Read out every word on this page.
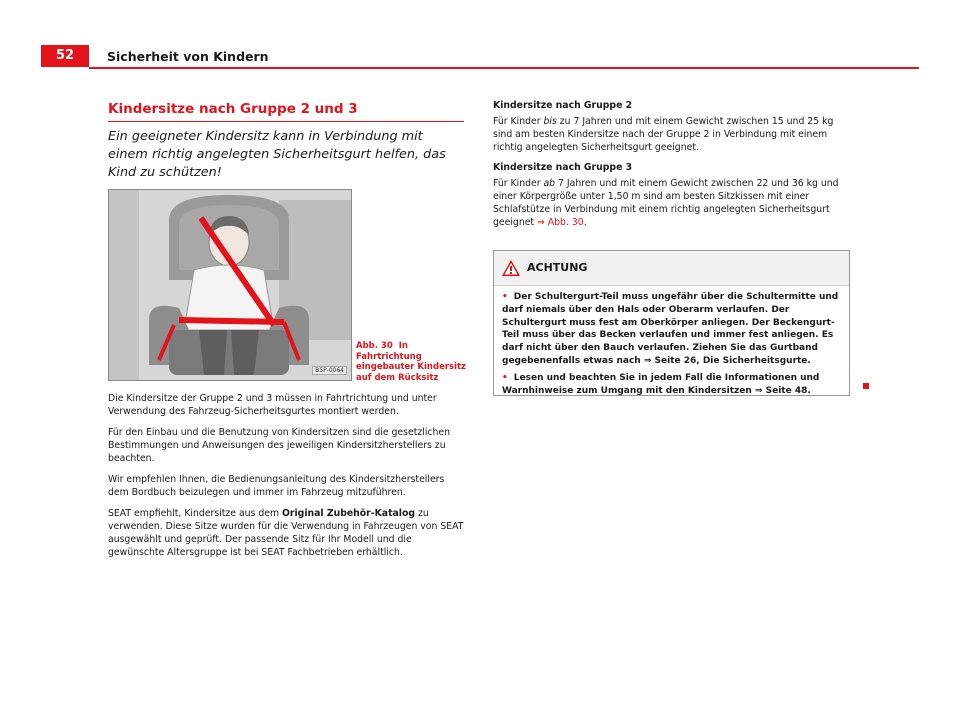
52	Sicherheit von Kindern
Kindersitze nach Gruppe 2 und 3

Ein geeigneter Kindersitz kann in Verbindung mit einem richtig angelegten Sicherheitsgurt helfen, das Kind zu schützen!

B5P-0064
Abb. 30 In Fahrtrichtung eingebauter Kindersitz auf dem Rücksitz

Die Kindersitze der Gruppe 2 und 3 müssen in Fahrtrichtung und unter Verwendung des Fahrzeug-Sicherheitsgurtes montiert werden.

Für den Einbau und die Benutzung von Kindersitzen sind die gesetzlichen Bestimmungen und Anweisungen des jeweiligen Kindersitzherstellers zu beachten.

Wir empfehlen Ihnen, die Bedienungsanleitung des Kindersitzherstellers dem Bordbuch beizulegen und immer im Fahrzeug mitzuführen.

SEAT empfiehlt, Kindersitze aus dem Original Zubehör-Katalog zu verwenden. Diese Sitze wurden für die Verwendung in Fahrzeugen von SEAT ausgewählt und geprüft. Der passende Sitz für Ihr Modell und die gewünschte Altersgruppe ist bei SEAT Fachbetrieben erhältlich.

Kindersitze nach Gruppe 2

Für Kinder bis zu 7 Jahren und mit einem Gewicht zwischen 15 und 25 kg sind am besten Kindersitze nach der Gruppe 2 in Verbindung mit einem richtig angelegten Sicherheitsgurt geeignet.

Kindersitze nach Gruppe 3

Für Kinder ab 7 Jahren und mit einem Gewicht zwischen 22 und 36 kg und einer Körpergröße unter 1,50 m sind am besten Sitzkissen mit einer Schlafstütze in Verbindung mit einem richtig angelegten Sicherheitsgurt geeignet ⇒ Abb. 30.

ACHTUNG

• Der Schultergurt-Teil muss ungefähr über die Schultermitte und darf niemals über den Hals oder Oberarm verlaufen. Der Schultergurt muss fest am Oberkörper anliegen. Der Beckengurt-Teil muss über das Becken verlaufen und immer fest anliegen. Es darf nicht über den Bauch verlaufen. Ziehen Sie das Gurtband gegebenenfalls etwas nach ⇒ Seite 26, Die Sicherheitsgurte.

• Lesen und beachten Sie in jedem Fall die Informationen und Warnhinweise zum Umgang mit den Kindersitzen ⇒ Seite 48.
